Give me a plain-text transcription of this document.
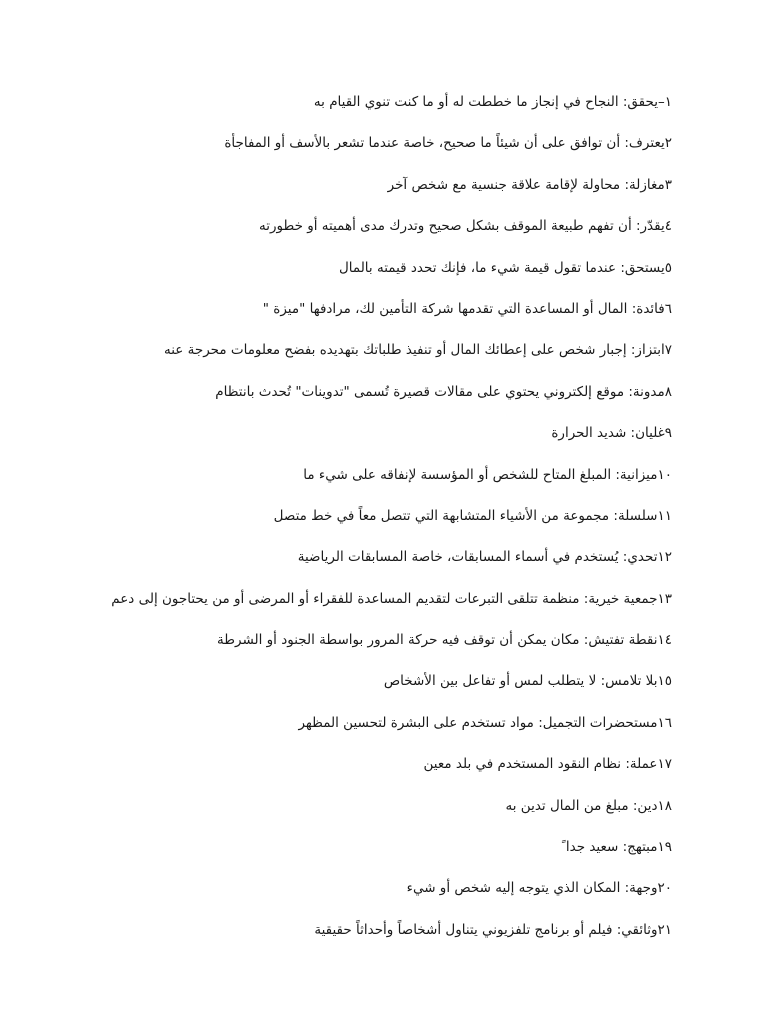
١–يحقق: النجاح في إنجاز ما خططت له أو ما كنت تنوي القيام به
٢يعترف: أن توافق على أن شيئاً ما صحيح، خاصة عندما تشعر بالأسف أو المفاجأة
٣مغازلة: محاولة لإقامة علاقة جنسية مع شخص آخر
٤يقدّر: أن تفهم طبيعة الموقف بشكل صحيح وتدرك مدى أهميته أو خطورته
٥يستحق: عندما تقول قيمة شيء ما، فإنك تحدد قيمته بالمال
٦فائدة: المال أو المساعدة التي تقدمها شركة التأمين لك، مرادفها "ميزة "
٧ابتزاز: إجبار شخص على إعطائك المال أو تنفيذ طلباتك بتهديده بفضح معلومات محرجة عنه
٨مدونة: موقع إلكتروني يحتوي على مقالات قصيرة تُسمى "تدوينات" تُحدث بانتظام
٩غليان: شديد الحرارة
١٠ميزانية: المبلغ المتاح للشخص أو المؤسسة لإنفاقه على شيء ما
١١سلسلة: مجموعة من الأشياء المتشابهة التي تتصل معاً في خط متصل
١٢تحدي: يُستخدم في أسماء المسابقات، خاصة المسابقات الرياضية
١٣جمعية خيرية: منظمة تتلقى التبرعات لتقديم المساعدة للفقراء أو المرضى أو من يحتاجون إلى دعم
١٤نقطة تفتيش: مكان يمكن أن توقف فيه حركة المرور بواسطة الجنود أو الشرطة
١٥بلا تلامس: لا يتطلب لمس أو تفاعل بين الأشخاص
١٦مستحضرات التجميل: مواد تستخدم على البشرة لتحسين المظهر
١٧عملة: نظام النقود المستخدم في بلد معين
١٨دين: مبلغ من المال تدين به
١٩مبتهج: سعيد جدا ً
٢٠وجهة: المكان الذي يتوجه إليه شخص أو شيء
٢١وثائقي: فيلم أو برنامج تلفزيوني يتناول أشخاصاً وأحداثاً حقيقية
